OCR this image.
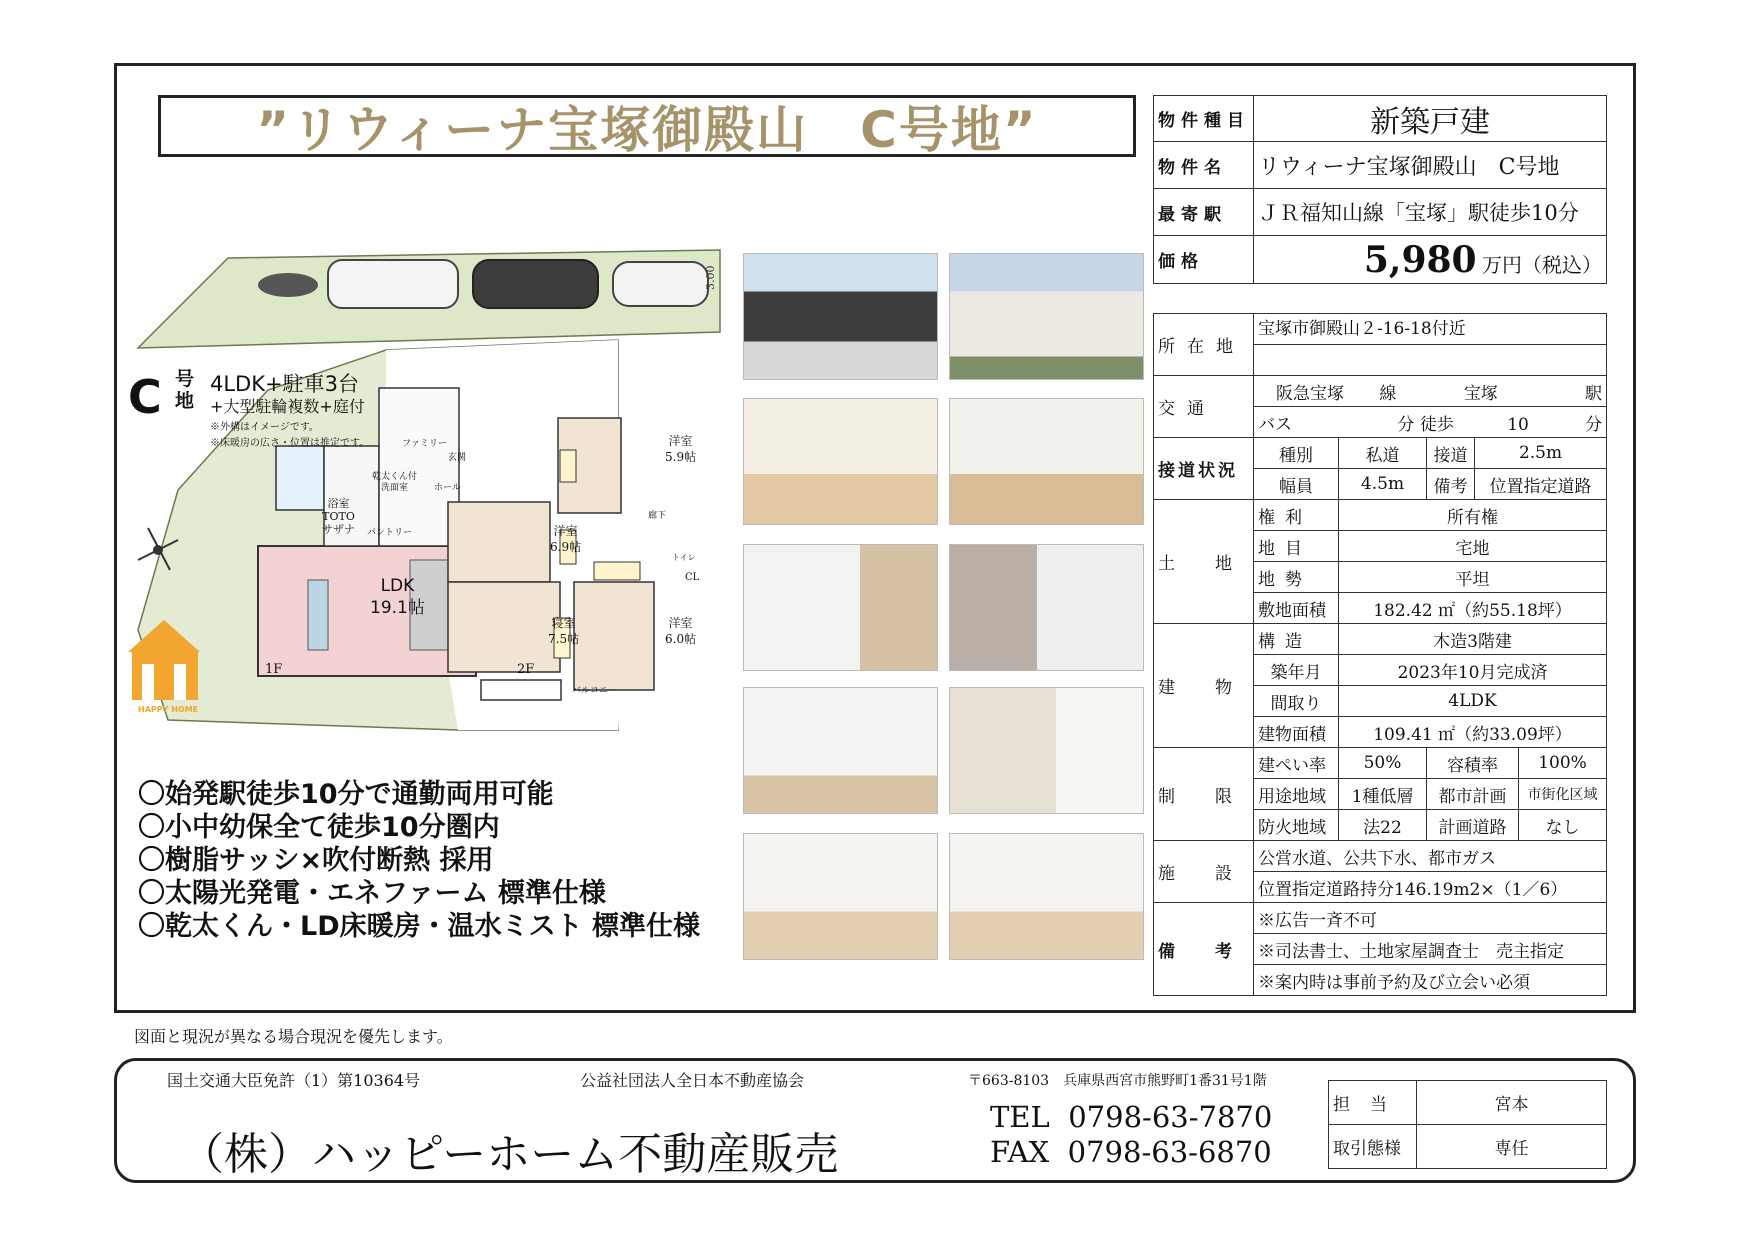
”リウィーナ宝塚御殿山　C号地”
3.00
C 号地
4LDK+駐車3台
+大型駐輪複数+庭付
※外構はイメージです。
※床暖房の広さ・位置は推定です。
LDK
19.1帖
浴室
TOTO
サザナ パントリー
ファミリー
ホール
玄関
乾太くん付
洗面室
洋室
5.9帖
洋室
6.9帖
寝室
7.5帖
洋室
6.0帖
バルコニー
CL
トイレ
廊下
1F	2F
HAPPY HOME
〇始発駅徒歩10分で通勤両用可能
〇小中幼保全て徒歩10分圏内
〇樹脂サッシ×吹付断熱 採用
〇太陽光発電・エネファーム 標準仕様
〇乾太くん・LD床暖房・温水ミスト 標準仕様
物件種目	新築戸建
物件名	リウィーナ宝塚御殿山　C号地
最寄駅	ＪＲ福知山線「宝塚」駅徒歩10分
価格	5,980 万円（税込）
所在地	宝塚市御殿山２-16-18付近				

交通	阪急宝塚 線 宝塚 駅				

	バス 分 徒歩 10 分				

接道状況	種別	私道	接道	2.5m	
	幅員	4.5m	備考	位置指定道路	
土地	権利	所有権			
	地目	宅地			
	地勢	平坦			
	敷地面積	182.42 ㎡（約55.18坪）			
建物	構造	木造3階建			
	築年月	2023年10月完成済			
	間取り	4LDK			
	建物面積	109.41 ㎡（約33.09坪）			
制限	建ぺい率	50%	容積率		100%
	用途地域	1種低層	都市計画		市街化区域
	防火地域	法22	計画道路		なし
施設	公営水道、公共下水、都市ガス				
	位置指定道路持分146.19m2×（1／6）				
備考	※広告一斉不可				
	※司法書士、土地家屋調査士　売主指定				
	※案内時は事前予約及び立会い必須				
図面と現況が異なる場合現況を優先します。
国土交通大臣免許（1）第10364号	公益社団法人全日本不動産協会	〒663-8103　兵庫県西宮市熊野町1番31号1階
（株）ハッピーホーム不動産販売
TEL 0798-63-7870
FAX 0798-63-6870
担当	宮本
取引態様	専任
